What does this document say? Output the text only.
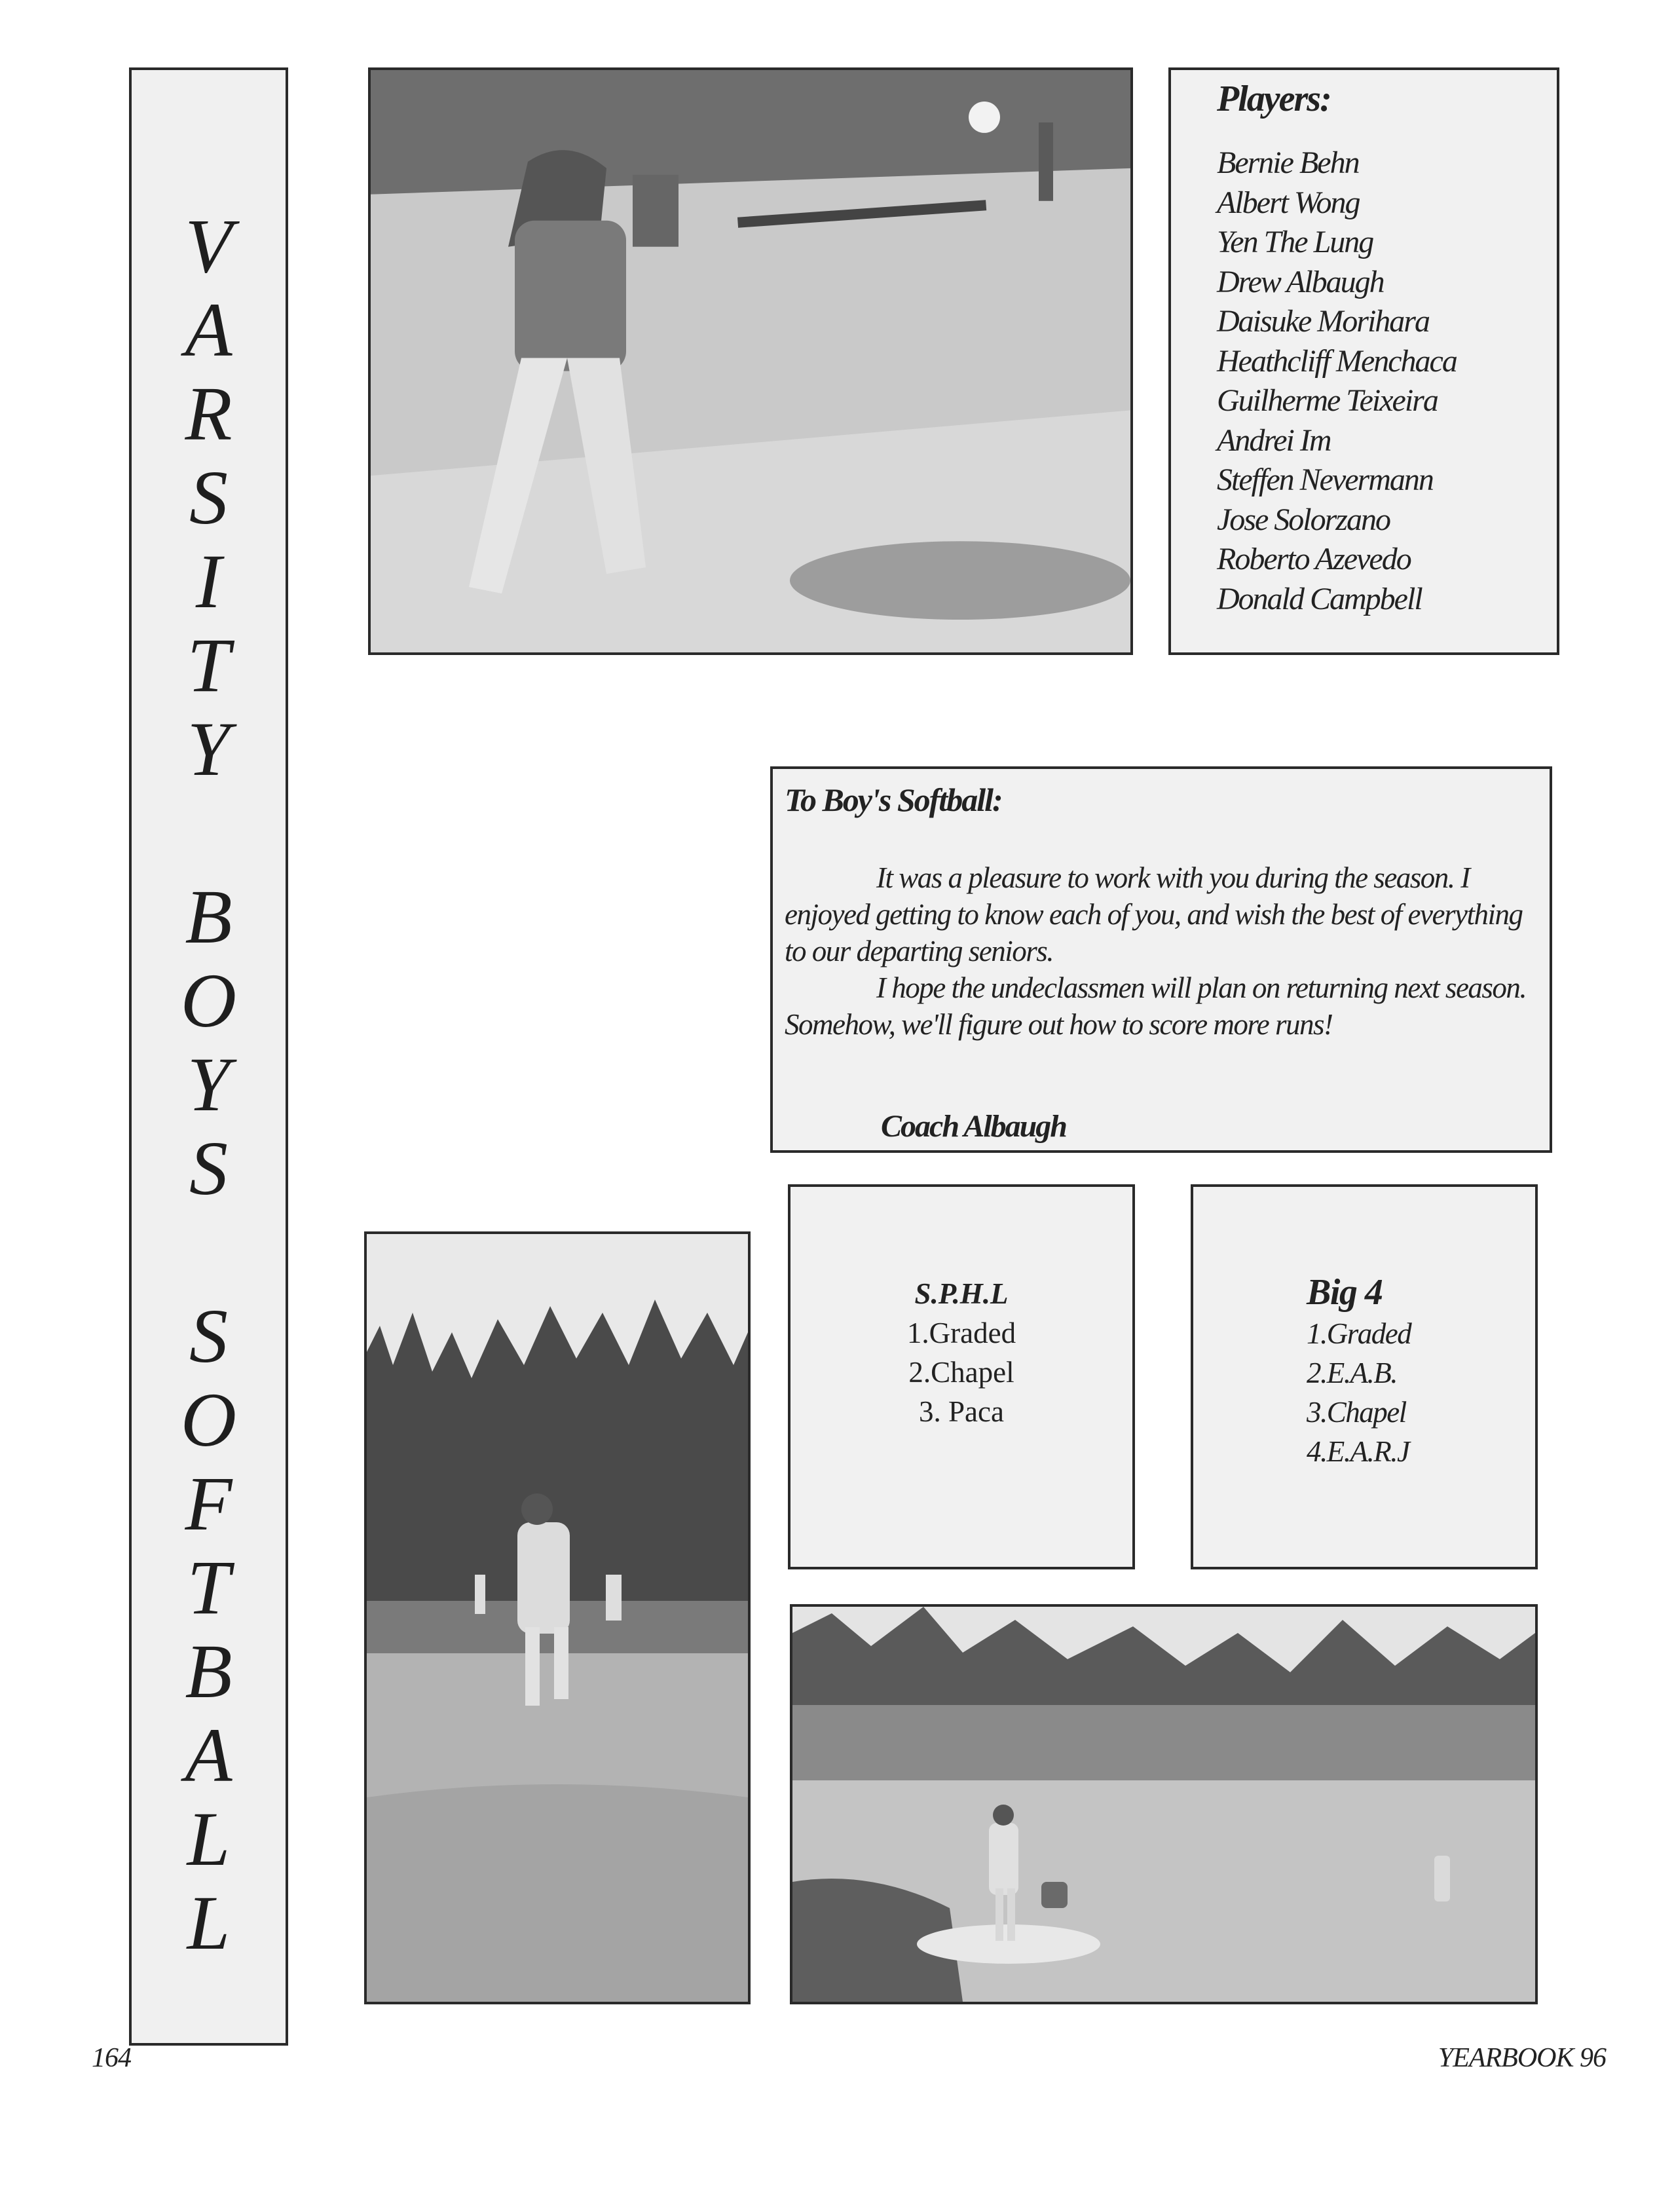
V
A
R
S
I
T
Y
B
O
Y
S
S
O
F
T
B
A
L
L
Players:
Bernie Behn
Albert Wong
Yen The Lung
Drew Albaugh
Daisuke Morihara
Heathcliff Menchaca
Guilherme Teixeira
Andrei Im
Steffen Nevermann
Jose Solorzano
Roberto Azevedo
Donald Campbell
To Boy's Softball:

It was a pleasure to work with you during the season. I enjoyed getting to know each of you, and wish the best of everything to our departing seniors.

I hope the undeclassmen will plan on returning next season. Somehow, we'll figure out how to score more runs!

Coach Albaugh
S.P.H.L
1.Graded
2.Chapel
3. Paca
Big 4
1.Graded
2.E.A.B.
3.Chapel
4.E.A.R.J
164	YEARBOOK 96
